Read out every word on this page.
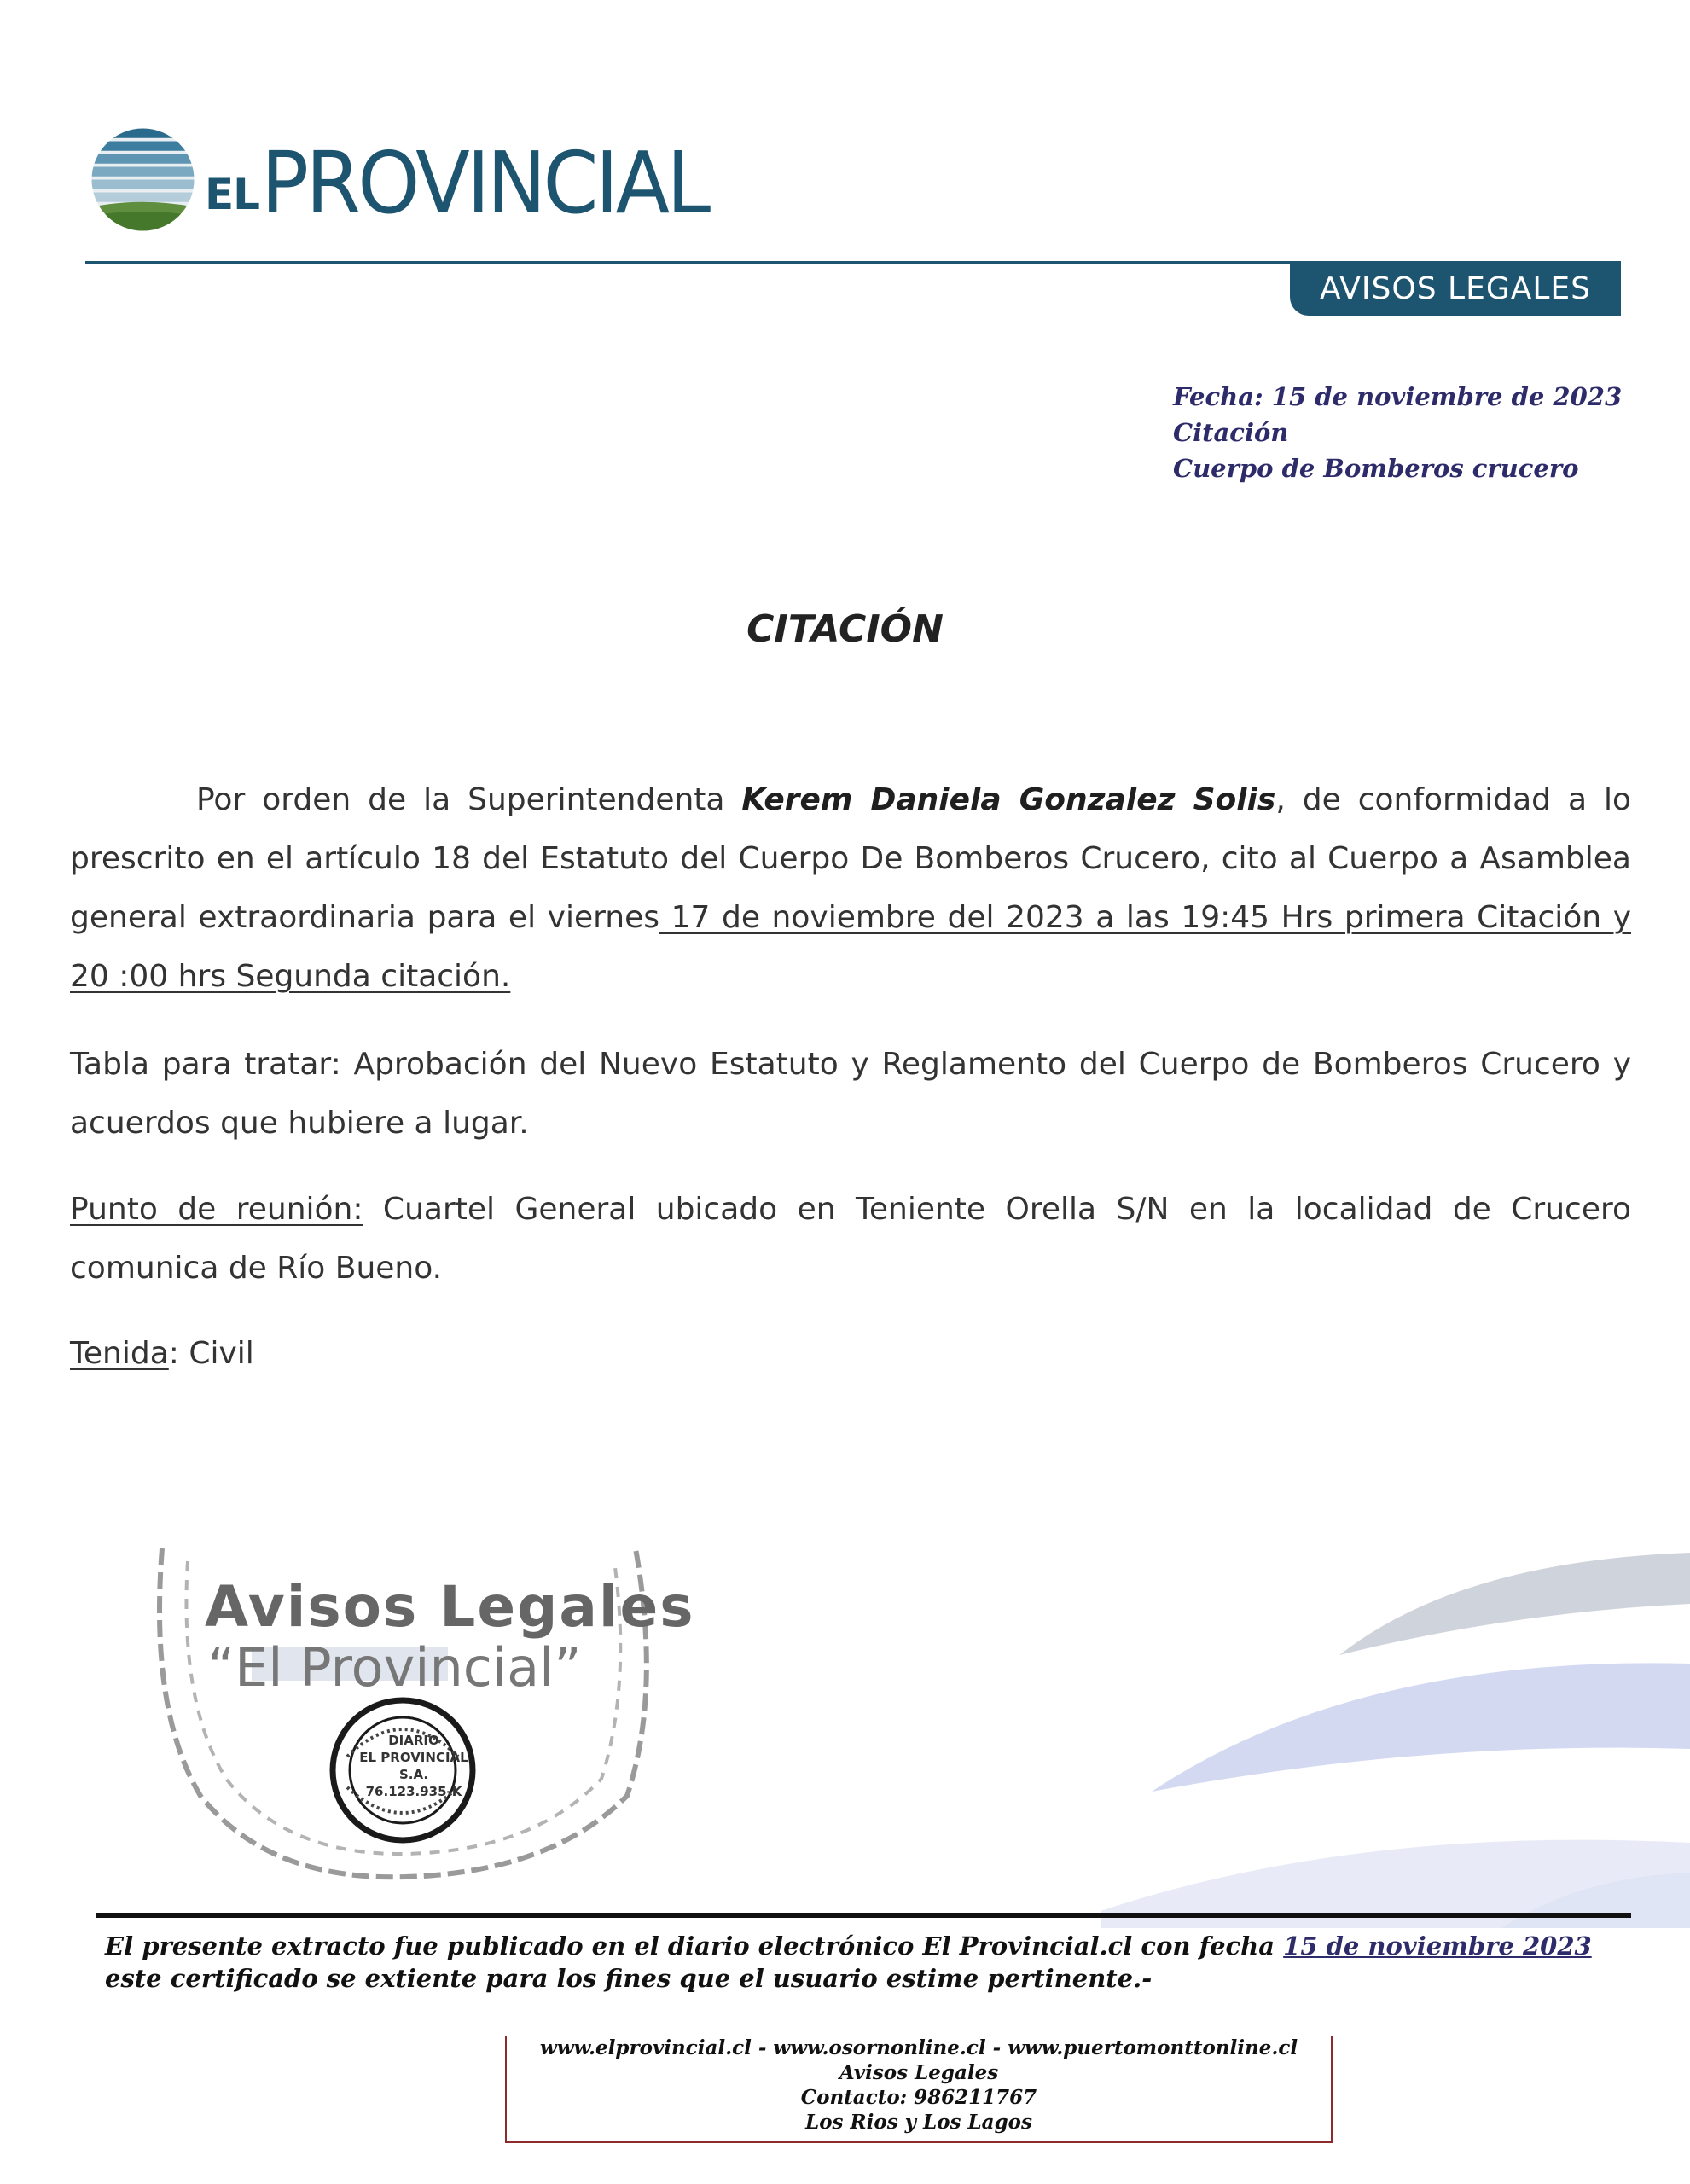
EL PROVINCIAL
AVISOS LEGALES
Fecha: 15 de noviembre de 2023
Citación
Cuerpo de Bomberos crucero
CITACIÓN
Por orden de la Superintendenta Kerem Daniela Gonzalez Solis, de conformidad a lo prescrito en el artículo 18 del Estatuto del Cuerpo De Bomberos Crucero, cito al Cuerpo a Asamblea general extraordinaria para el viernes 17 de noviembre del 2023 a las 19:45 Hrs primera Citación y 20 :00 hrs Segunda citación.
Tabla para tratar: Aprobación del Nuevo Estatuto y Reglamento del Cuerpo de Bomberos Crucero y acuerdos que hubiere a lugar.
Punto de reunión: Cuartel General ubicado en Teniente Orella S/N en la localidad de Crucero comunica de Río Bueno.
Tenida: Civil
Avisos Legales
“El Provincial”
DIARIO
EL PROVINCIAL
S.A.
76.123.935-K
El presente extracto fue publicado en el diario electrónico El Provincial.cl con fecha 15 de noviembre 2023 este certificado se extiente para los fines que el usuario estime pertinente.-
www.elprovincial.cl - www.osornonline.cl - www.puertomonttonline.cl
Avisos Legales
Contacto: 986211767
Los Rios y Los Lagos
